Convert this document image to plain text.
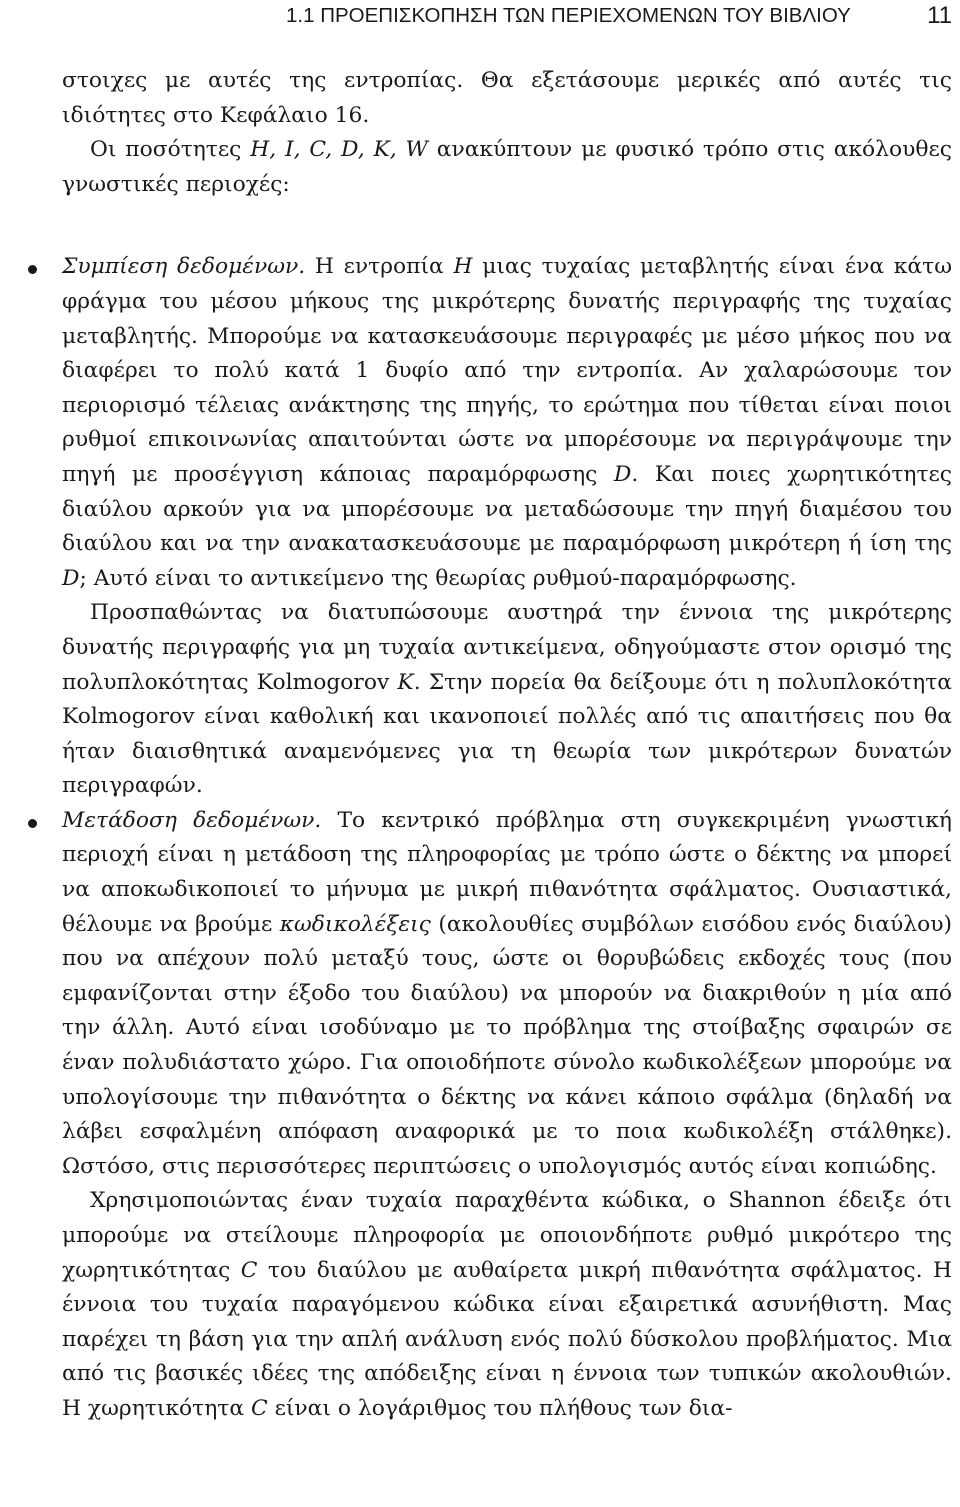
1.1 ΠΡΟΕΠΙΣΚΟΠΗΣΗ ΤΩΝ ΠΕΡΙΕΧΟΜΕΝΩΝ ΤΟΥ ΒΙΒΛΙΟΥ	11

στοιχες με αυτές της εντροπίας. Θα εξετάσουμε μερικές από αυτές τις ιδιότητες στο Κεφάλαιο 16.

Οι ποσότητες H, I, C, D, K, W ανακύπτουν με φυσικό τρόπο στις ακόλουθες γνωστικές περιοχές:

Συμπίεση δεδομένων. Η εντροπία H μιας τυχαίας μεταβλητής είναι ένα κάτω φράγμα του μέσου μήκους της μικρότερης δυνατής περιγραφής της τυχαίας μεταβλητής. Μπορούμε να κατασκευάσουμε περιγραφές με μέσο μήκος που να διαφέρει το πολύ κατά 1 δυφίο από την εντροπία. Αν χαλαρώσουμε τον περιορισμό τέλειας ανάκτησης της πηγής, το ερώτημα που τίθεται είναι ποιοι ρυθμοί επικοινωνίας απαιτούνται ώστε να μπορέσουμε να περιγράψουμε την πηγή με προσέγγιση κάποιας παραμόρφωσης D. Και ποιες χωρητικότητες διαύλου αρκούν για να μπορέσουμε να μεταδώσουμε την πηγή διαμέσου του διαύλου και να την ανακατασκευάσουμε με παραμόρφωση μικρότερη ή ίση της D; Αυτό είναι το αντικείμενο της θεωρίας ρυθμού-παραμόρφωσης.

Προσπαθώντας να διατυπώσουμε αυστηρά την έννοια της μικρότερης δυνατής περιγραφής για μη τυχαία αντικείμενα, οδηγούμαστε στον ορισμό της πολυπλοκότητας Kolmogorov K. Στην πορεία θα δείξουμε ότι η πολυπλοκότητα Kolmogorov είναι καθολική και ικανοποιεί πολλές από τις απαιτήσεις που θα ήταν διαισθητικά αναμενόμενες για τη θεωρία των μικρότερων δυνατών περιγραφών.

Μετάδοση δεδομένων. Το κεντρικό πρόβλημα στη συγκεκριμένη γνωστική περιοχή είναι η μετάδοση της πληροφορίας με τρόπο ώστε ο δέκτης να μπορεί να αποκωδικοποιεί το μήνυμα με μικρή πιθανότητα σφάλματος. Ουσιαστικά, θέλουμε να βρούμε κωδικολέξεις (ακολουθίες συμβόλων εισόδου ενός διαύλου) που να απέχουν πολύ μεταξύ τους, ώστε οι θορυβώδεις εκδοχές τους (που εμφανίζονται στην έξοδο του διαύλου) να μπορούν να διακριθούν η μία από την άλλη. Αυτό είναι ισοδύναμο με το πρόβλημα της στοίβαξης σφαιρών σε έναν πολυδιάστατο χώρο. Για οποιοδήποτε σύνολο κωδικολέξεων μπορούμε να υπολογίσουμε την πιθανότητα ο δέκτης να κάνει κάποιο σφάλμα (δηλαδή να λάβει εσφαλμένη απόφαση αναφορικά με το ποια κωδικολέξη στάλθηκε). Ωστόσο, στις περισσότερες περιπτώσεις ο υπολογισμός αυτός είναι κοπιώδης.

Χρησιμοποιώντας έναν τυχαία παραχθέντα κώδικα, ο Shannon έδειξε ότι μπορούμε να στείλουμε πληροφορία με οποιονδήποτε ρυθμό μικρότερο της χωρητικότητας C του διαύλου με αυθαίρετα μικρή πιθανότητα σφάλματος. Η έννοια του τυχαία παραγόμενου κώδικα είναι εξαιρετικά ασυνήθιστη. Μας παρέχει τη βάση για την απλή ανάλυση ενός πολύ δύσκολου προβλήματος. Μια από τις βασικές ιδέες της απόδειξης είναι η έννοια των τυπικών ακολουθιών. Η χωρητικότητα C είναι ο λογάριθμος του πλήθους των δια-
